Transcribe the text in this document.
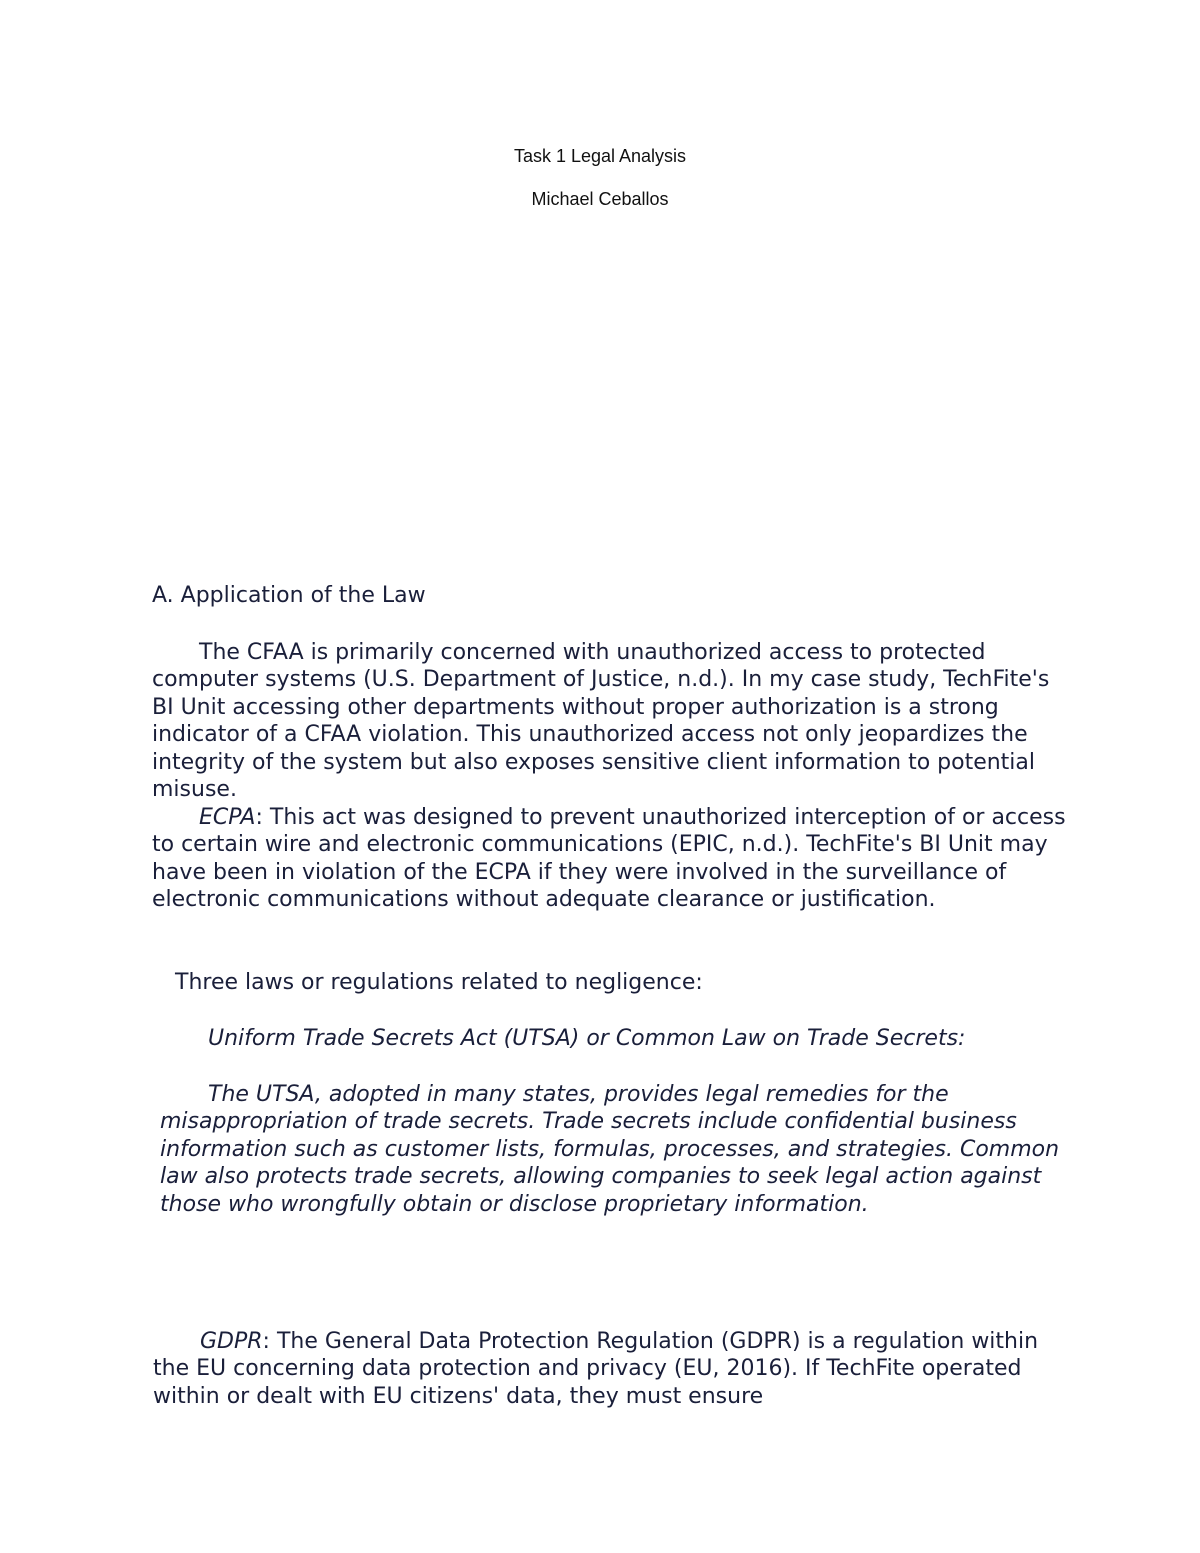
Task 1 Legal Analysis
Michael Ceballos
A. Application of the Law

The CFAA is primarily concerned with unauthorized access to protected computer systems (U.S. Department of Justice, n.d.). In my case study, TechFite's BI Unit accessing other departments without proper authorization is a strong indicator of a CFAA violation. This unauthorized access not only jeopardizes the integrity of the system but also exposes sensitive client information to potential misuse.

ECPA: This act was designed to prevent unauthorized interception of or access to certain wire and electronic communications (EPIC, n.d.). TechFite's BI Unit may have been in violation of the ECPA if they were involved in the surveillance of electronic communications without adequate clearance or justification.

Three laws or regulations related to negligence:

Uniform Trade Secrets Act (UTSA) or Common Law on Trade Secrets:

The UTSA, adopted in many states, provides legal remedies for the misappropriation of trade secrets. Trade secrets include confidential business information such as customer lists, formulas, processes, and strategies. Common law also protects trade secrets, allowing companies to seek legal action against those who wrongfully obtain or disclose proprietary information.

GDPR: The General Data Protection Regulation (GDPR) is a regulation within the EU concerning data protection and privacy (EU, 2016). If TechFite operated within or dealt with EU citizens' data, they must ensure
